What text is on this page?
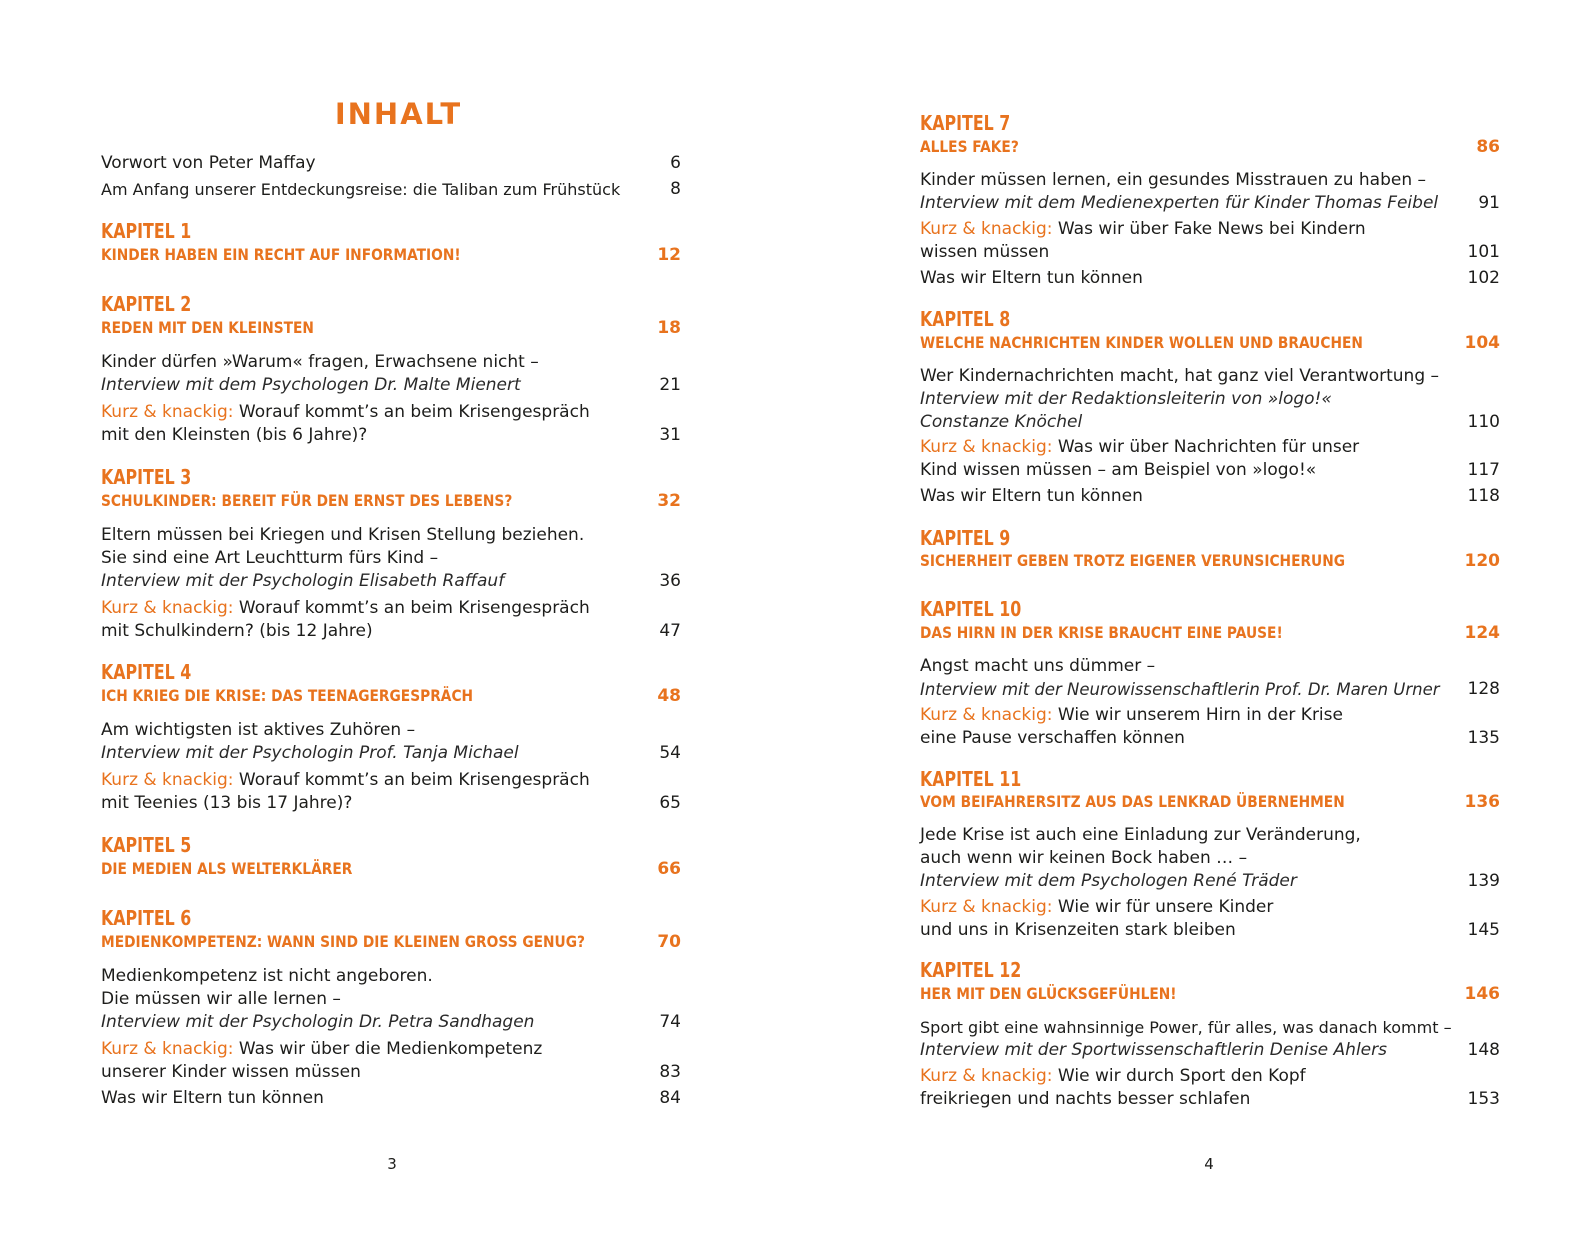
INHALT
Vorwort von Peter Maffay	6
Am Anfang unserer Entdeckungsreise: die Taliban zum Frühstück	8
KAPITEL 1
KINDER HABEN EIN RECHT AUF INFORMATION!	12
KAPITEL 2
REDEN MIT DEN KLEINSTEN	18
Kinder dürfen »Warum« fragen, Erwachsene nicht –
Interview mit dem Psychologen Dr. Malte Mienert	21
Kurz & knackig: Worauf kommt’s an beim Krisengespräch
mit den Kleinsten (bis 6 Jahre)?	31
KAPITEL 3
SCHULKINDER: BEREIT FÜR DEN ERNST DES LEBENS?	32
Eltern müssen bei Kriegen und Krisen Stellung beziehen.
Sie sind eine Art Leuchtturm fürs Kind –
Interview mit der Psychologin Elisabeth Raffauf	36
Kurz & knackig: Worauf kommt’s an beim Krisengespräch
mit Schulkindern? (bis 12 Jahre)	47
KAPITEL 4
ICH KRIEG DIE KRISE: DAS TEENAGERGESPRÄCH	48
Am wichtigsten ist aktives Zuhören –
Interview mit der Psychologin Prof. Tanja Michael	54
Kurz & knackig: Worauf kommt’s an beim Krisengespräch
mit Teenies (13 bis 17 Jahre)?	65
KAPITEL 5
DIE MEDIEN ALS WELTERKLÄRER	66
KAPITEL 6
MEDIENKOMPETENZ: WANN SIND DIE KLEINEN GROSS GENUG?	70
Medienkompetenz ist nicht angeboren.
Die müssen wir alle lernen –
Interview mit der Psychologin Dr. Petra Sandhagen	74
Kurz & knackig: Was wir über die Medienkompetenz
unserer Kinder wissen müssen	83
Was wir Eltern tun können	84
3
KAPITEL 7
ALLES FAKE?	86
Kinder müssen lernen, ein gesundes Misstrauen zu haben –
Interview mit dem Medienexperten für Kinder Thomas Feibel	91
Kurz & knackig: Was wir über Fake News bei Kindern
wissen müssen	101
Was wir Eltern tun können	102
KAPITEL 8
WELCHE NACHRICHTEN KINDER WOLLEN UND BRAUCHEN	104
Wer Kindernachrichten macht, hat ganz viel Verantwortung –
Interview mit der Redaktionsleiterin von »logo!«
Constanze Knöchel	110
Kurz & knackig: Was wir über Nachrichten für unser
Kind wissen müssen – am Beispiel von »logo!«	117
Was wir Eltern tun können	118
KAPITEL 9
SICHERHEIT GEBEN TROTZ EIGENER VERUNSICHERUNG	120
KAPITEL 10
DAS HIRN IN DER KRISE BRAUCHT EINE PAUSE!	124
Angst macht uns dümmer –
Interview mit der Neurowissenschaftlerin Prof. Dr. Maren Urner	128
Kurz & knackig: Wie wir unserem Hirn in der Krise
eine Pause verschaffen können	135
KAPITEL 11
VOM BEIFAHRERSITZ AUS DAS LENKRAD ÜBERNEHMEN	136
Jede Krise ist auch eine Einladung zur Veränderung,
auch wenn wir keinen Bock haben … –
Interview mit dem Psychologen René Träder	139
Kurz & knackig: Wie wir für unsere Kinder
und uns in Krisenzeiten stark bleiben	145
KAPITEL 12
HER MIT DEN GLÜCKSGEFÜHLEN!	146
Sport gibt eine wahnsinnige Power, für alles, was danach kommt –
Interview mit der Sportwissenschaftlerin Denise Ahlers	148
Kurz & knackig: Wie wir durch Sport den Kopf
freikriegen und nachts besser schlafen	153
4
